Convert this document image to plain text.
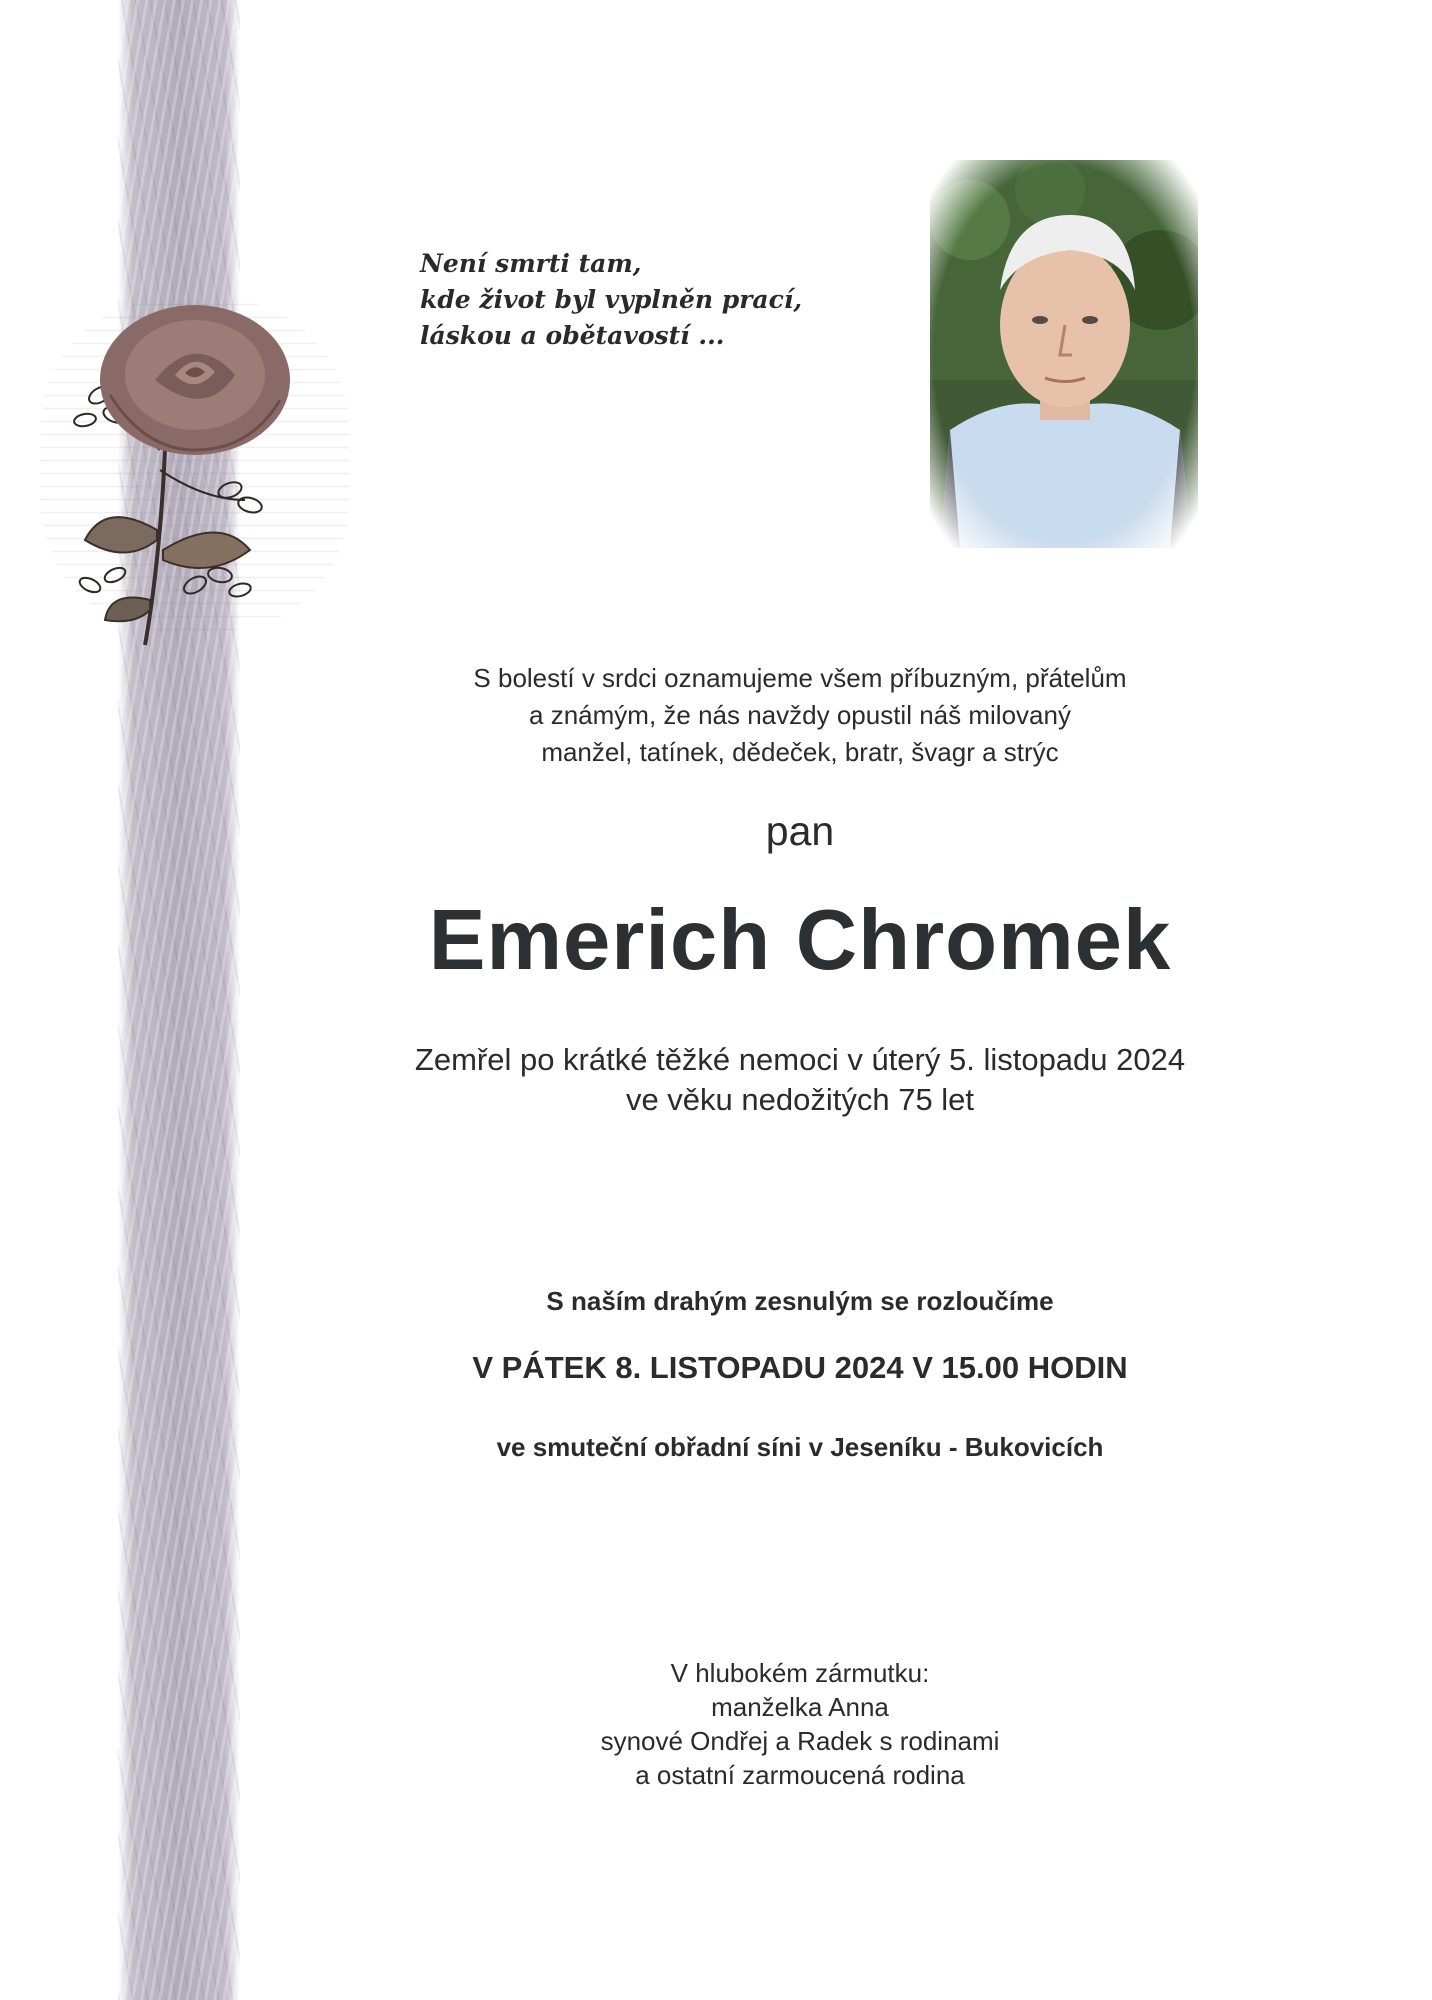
Není smrti tam,
kde život byl vyplněn prací,
láskou a obětavostí ...
S bolestí v srdci oznamujeme všem příbuzným, přátelům
a známým, že nás navždy opustil náš milovaný
manžel, tatínek, dědeček, bratr, švagr a strýc
pan
Emerich Chromek
Zemřel po krátké těžké nemoci v úterý 5. listopadu 2024
ve věku nedožitých 75 let
S naším drahým zesnulým se rozloučíme
V PÁTEK 8. LISTOPADU 2024 V 15.00 HODIN
ve smuteční obřadní síni v Jeseníku - Bukovicích
V hlubokém zármutku:
manželka Anna
synové Ondřej a Radek s rodinami
a ostatní zarmoucená rodina
